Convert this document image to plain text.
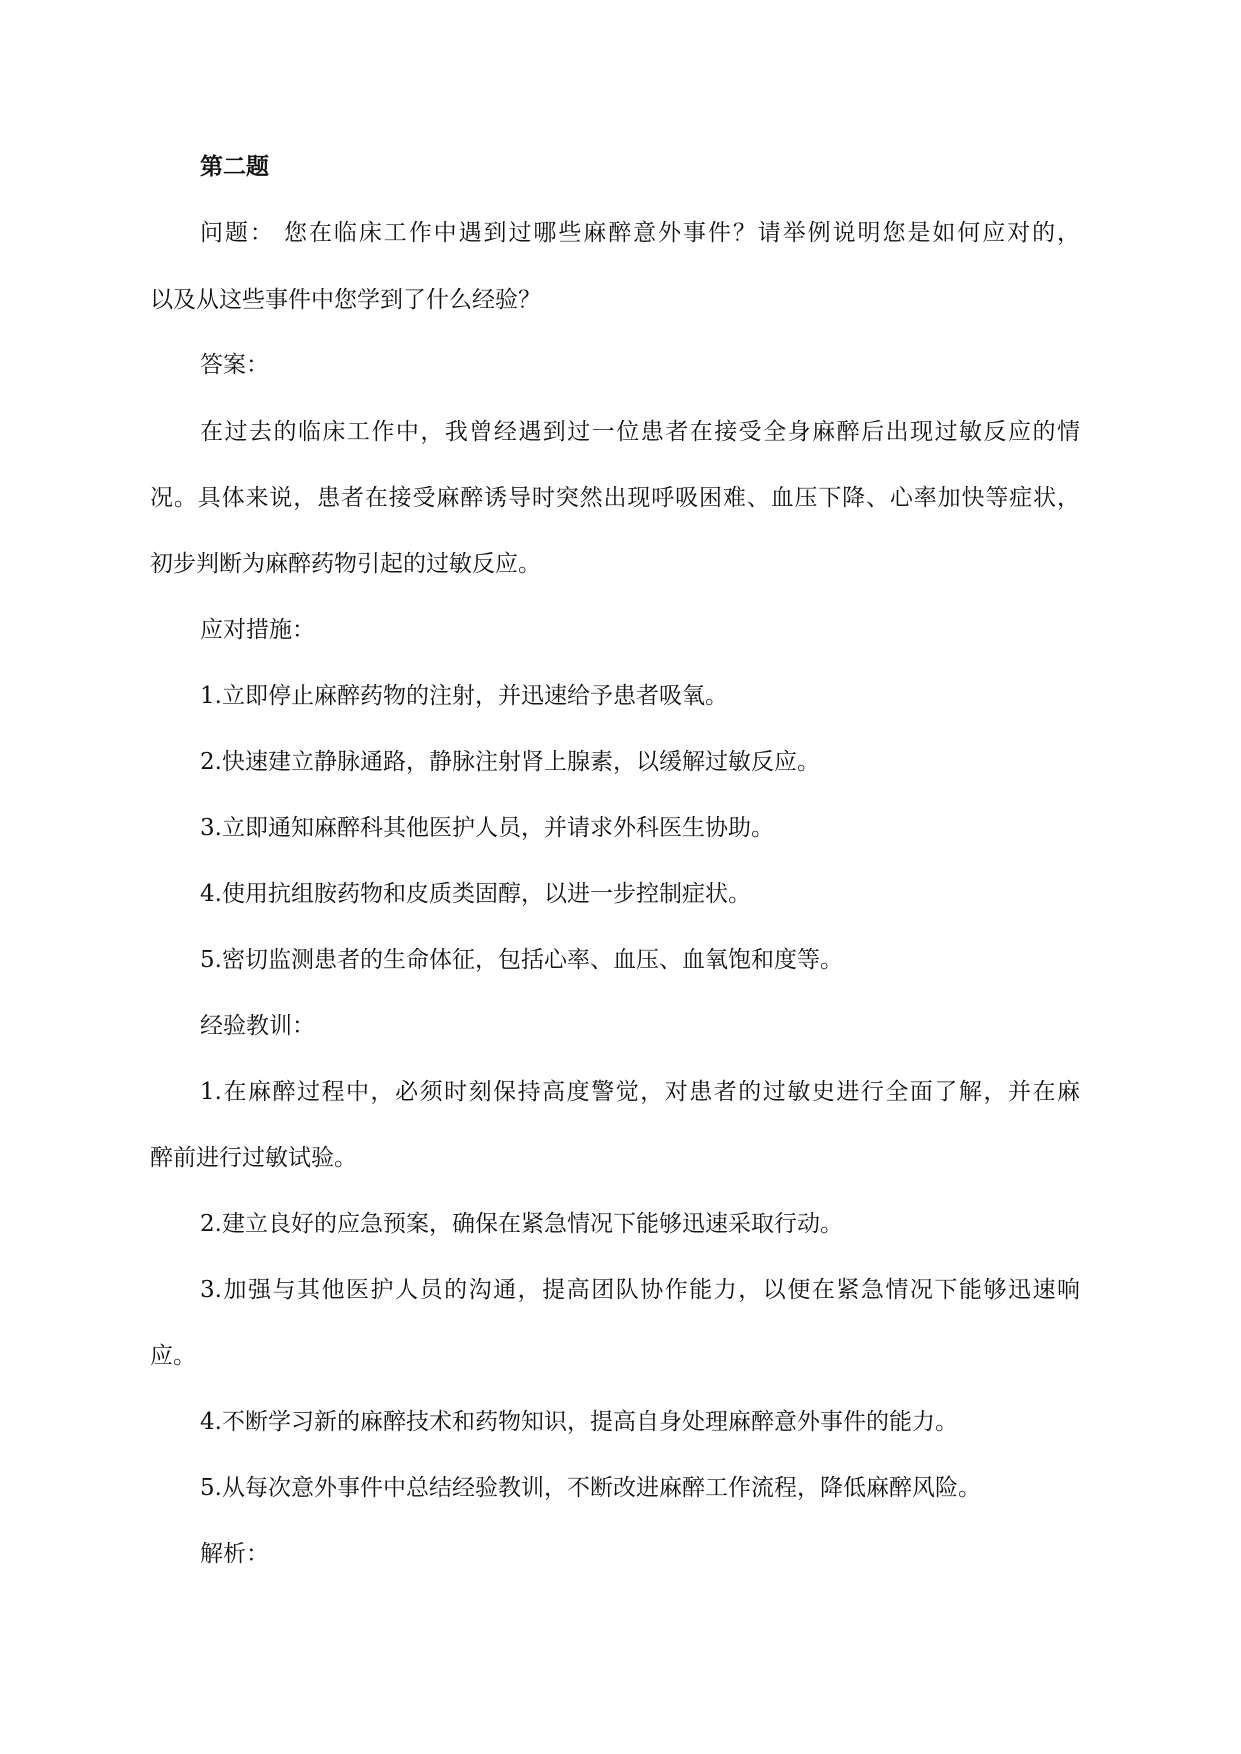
第二题

问题： 您在临床工作中遇到过哪些麻醉意外事件？请举例说明您是如何应对的，

以及从这些事件中您学到了什么经验？

答案：

在过去的临床工作中，我曾经遇到过一位患者在接受全身麻醉后出现过敏反应的情

况。具体来说，患者在接受麻醉诱导时突然出现呼吸困难、血压下降、心率加快等症状，

初步判断为麻醉药物引起的过敏反应。

应对措施：

1.立即停止麻醉药物的注射，并迅速给予患者吸氧。

2.快速建立静脉通路，静脉注射肾上腺素，以缓解过敏反应。

3.立即通知麻醉科其他医护人员，并请求外科医生协助。

4.使用抗组胺药物和皮质类固醇，以进一步控制症状。

5.密切监测患者的生命体征，包括心率、血压、血氧饱和度等。

经验教训：

1.在麻醉过程中，必须时刻保持高度警觉，对患者的过敏史进行全面了解，并在麻

醉前进行过敏试验。

2.建立良好的应急预案，确保在紧急情况下能够迅速采取行动。

3.加强与其他医护人员的沟通，提高团队协作能力，以便在紧急情况下能够迅速响

应。

4.不断学习新的麻醉技术和药物知识，提高自身处理麻醉意外事件的能力。

5.从每次意外事件中总结经验教训，不断改进麻醉工作流程，降低麻醉风险。

解析：
